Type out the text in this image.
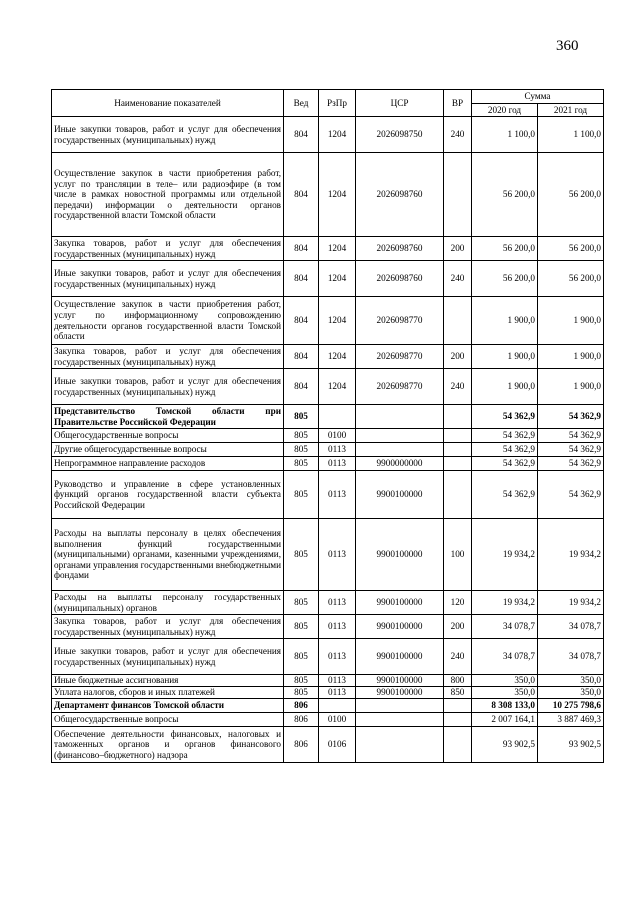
360
Наименование показателей	Вед	РзПр	ЦСР	ВР	Сумма	
					2020 год	2021 год
Иные закупки товаров, работ и услуг для обеспечения государственных (муниципальных) нужд	804	1204	2026098750	240	1 100,0	1 100,0
Осуществление закупок в части приобретения работ, услуг по трансляции в теле– или радиоэфире (в том числе в рамках новостной программы или отдельной передачи) информации о деятельности органов государственной власти Томской области	804	1204	2026098760		56 200,0	56 200,0
Закупка товаров, работ и услуг для обеспечения государственных (муниципальных) нужд	804	1204	2026098760	200	56 200,0	56 200,0
Иные закупки товаров, работ и услуг для обеспечения государственных (муниципальных) нужд	804	1204	2026098760	240	56 200,0	56 200,0
Осуществление закупок в части приобретения работ, услуг по информационному сопровождению деятельности органов государственной власти Томской области	804	1204	2026098770		1 900,0	1 900,0
Закупка товаров, работ и услуг для обеспечения государственных (муниципальных) нужд	804	1204	2026098770	200	1 900,0	1 900,0
Иные закупки товаров, работ и услуг для обеспечения государственных (муниципальных) нужд	804	1204	2026098770	240	1 900,0	1 900,0
Представительство Томской области при Правительстве Российской Федерации	805				54 362,9	54 362,9
Общегосударственные вопросы	805	0100			54 362,9	54 362,9
Другие общегосударственные вопросы	805	0113			54 362,9	54 362,9
Непрограммное направление расходов	805	0113	9900000000		54 362,9	54 362,9
Руководство и управление в сфере установленных функций органов государственной власти субъекта Российской Федерации	805	0113	9900100000		54 362,9	54 362,9
Расходы на выплаты персоналу в целях обеспечения выполнения функций государственными (муниципальными) органами, казенными учреждениями, органами управления государственными внебюджетными фондами	805	0113	9900100000	100	19 934,2	19 934,2
Расходы на выплаты персоналу государственных (муниципальных) органов	805	0113	9900100000	120	19 934,2	19 934,2
Закупка товаров, работ и услуг для обеспечения государственных (муниципальных) нужд	805	0113	9900100000	200	34 078,7	34 078,7
Иные закупки товаров, работ и услуг для обеспечения государственных (муниципальных) нужд	805	0113	9900100000	240	34 078,7	34 078,7
Иные бюджетные ассигнования	805	0113	9900100000	800	350,0	350,0
Уплата налогов, сборов и иных платежей	805	0113	9900100000	850	350,0	350,0
Департамент финансов Томской области	806				8 308 133,0	10 275 798,6
Общегосударственные вопросы	806	0100			2 007 164,1	3 887 469,3
Обеспечение деятельности финансовых, налоговых и таможенных органов и органов финансового (финансово–бюджетного) надзора	806	0106			93 902,5	93 902,5
